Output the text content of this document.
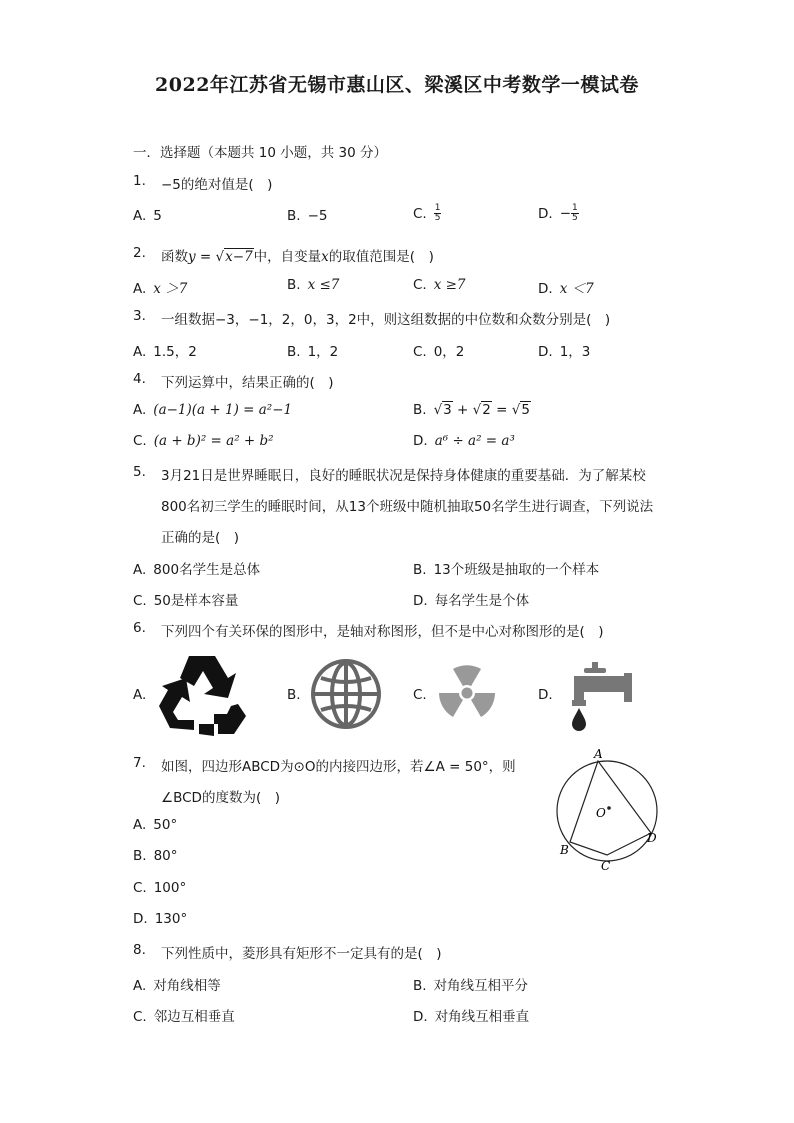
2022年江苏省无锡市惠山区、梁溪区中考数学一模试卷
一．选择题（本题共 10 小题，共 30 分）
1. −5的绝对值是(　)
A. 5	B. −5	C. $\frac{1}{5}$	D. − $\frac{1}{5}$
2. 函数y = √x−7中，自变量x的取值范围是(　)
A. x ＞7	B. x ≤7	C. x ≥7	D. x ＜7
3. 一组数据−3，−1，2，0，3，2中，则这组数据的中位数和众数分别是(　)
A. 1.5，2	B. 1，2	C. 0，2	D. 1，3
4. 下列运算中，结果正确的(　)
A. (a−1)(a + 1) = a²−1	B. √3 + √2 = √5
C. (a + b)² = a² + b²	D. a⁶ ÷ a² = a³
5. 3月21日是世界睡眠日，良好的睡眠状况是保持身体健康的重要基础．为了解某校
800名初三学生的睡眠时间，从13个班级中随机抽取50名学生进行调查，下列说法
正确的是(　)
A. 800名学生是总体	B. 13个班级是抽取的一个样本
C. 50是样本容量	D. 每名学生是个体
6. 下列四个有关环保的图形中，是轴对称图形，但不是中心对称图形的是(　)
A.	B.	C.	D.
7. 如图，四边形ABCD为⊙O的内接四边形，若∠A = 50°，则
∠BCD的度数为(　)
A. 50°
B. 80°
C. 100°
D. 130°
A
B
C
D
O
8. 下列性质中，菱形具有矩形不一定具有的是(　)
A. 对角线相等	B. 对角线互相平分
C. 邻边互相垂直	D. 对角线互相垂直
